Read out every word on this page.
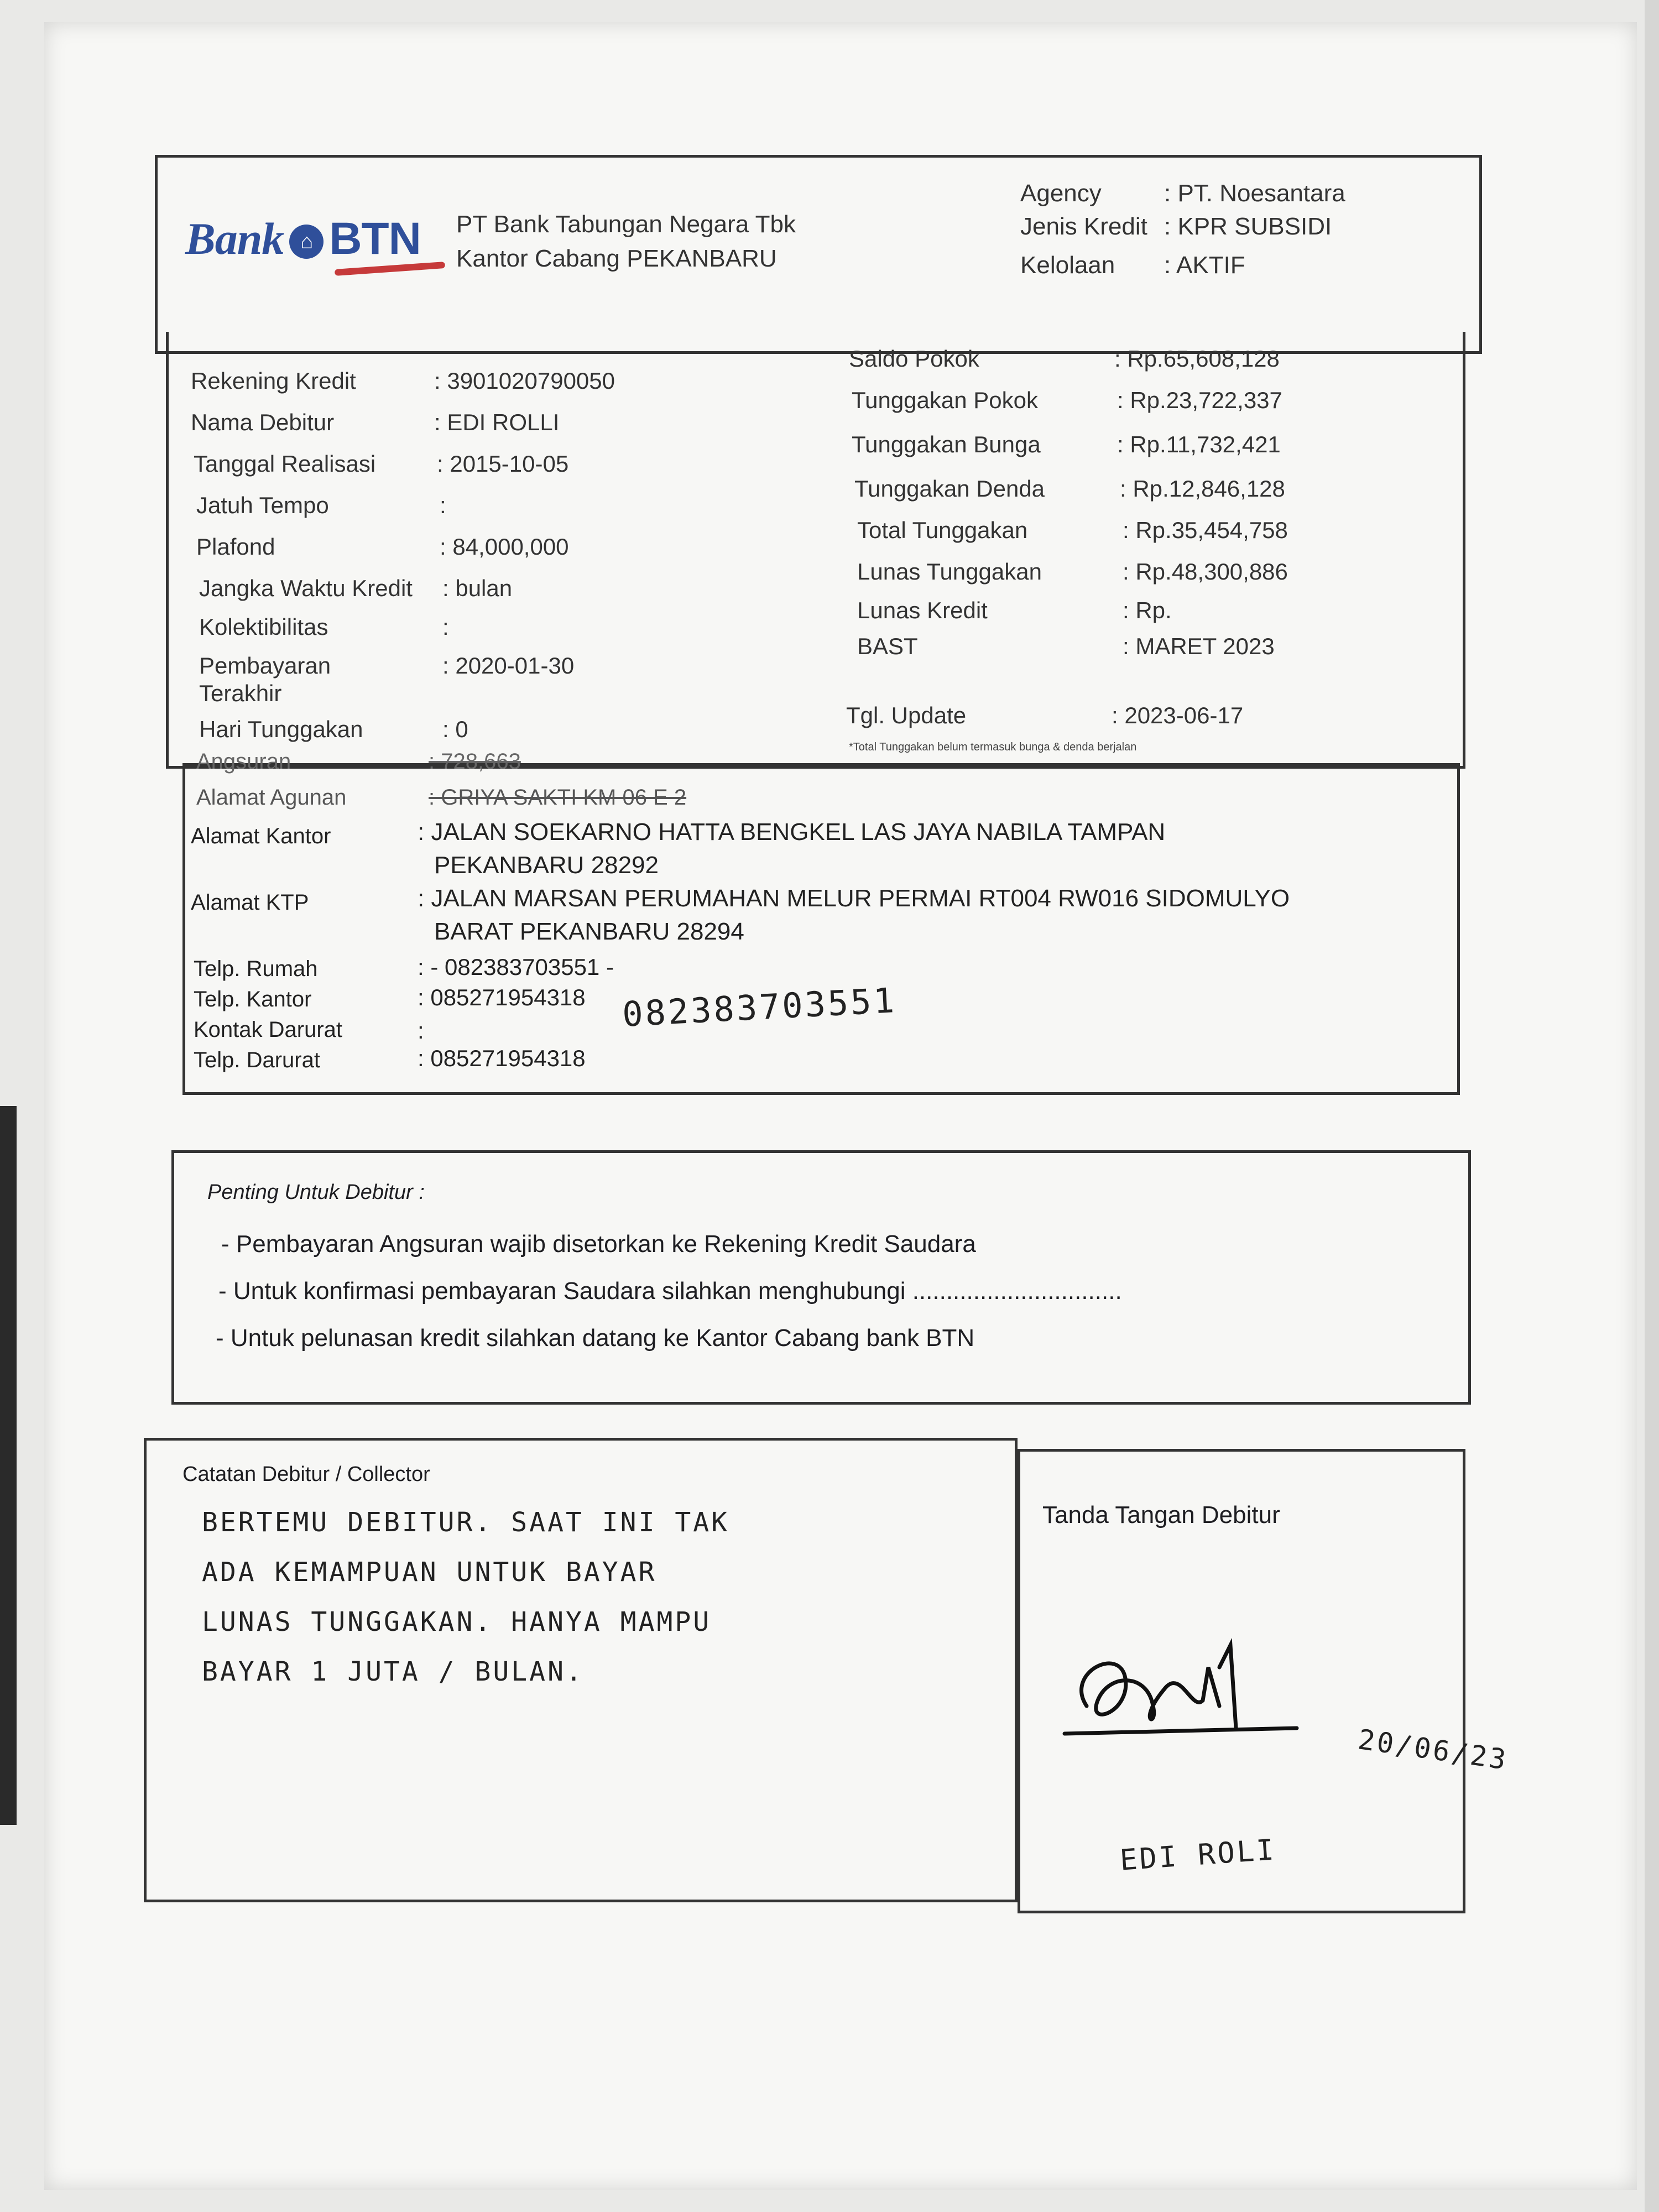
Bank ⌂ BTN PT Bank Tabungan Negara Tbk
Kantor Cabang PEKANBARU
Agency	: PT. Noesantara
Jenis Kredit : KPR SUBSIDI
Kelolaan : AKTIF
Rekening Kredit	: 3901020790050
Nama Debitur	: EDI ROLLI
Tanggal Realisasi	: 2015-10-05
Jatuh Tempo	:
Plafond	: 84,000,000
Jangka Waktu Kredit : bulan
Kolektibilitas	:
Pembayaran	: 2020-01-30
Terakhir
Hari Tunggakan	: 0
Saldo Pokok	: Rp.65,608,128
Tunggakan Pokok	: Rp.23,722,337
Tunggakan Bunga	: Rp.11,732,421
Tunggakan Denda	: Rp.12,846,128
Total Tunggakan	: Rp.35,454,758
Lunas Tunggakan	: Rp.48,300,886
Lunas Kredit	: Rp.
BAST	: MARET 2023
Tgl. Update	: 2023-06-17
*Total Tunggakan belum termasuk bunga & denda berjalan
Angsuran	: 728,663
Alamat Agunan	: GRIYA SAKTI KM 06 E 2
Alamat Kantor	: JALAN SOEKARNO HATTA BENGKEL LAS JAYA NABILA TAMPAN
PEKANBARU 28292
Alamat KTP	: JALAN MARSAN PERUMAHAN MELUR PERMAI RT004 RW016 SIDOMULYO
BARAT PEKANBARU 28294
Telp. Rumah	: - 082383703551 -
Telp. Kantor	: 085271954318
Kontak Darurat	:
Telp. Darurat	: 085271954318
082383703551
Penting Untuk Debitur :
- Pembayaran Angsuran wajib disetorkan ke Rekening Kredit Saudara
- Untuk konfirmasi pembayaran Saudara silahkan menghubungi ...............................
- Untuk pelunasan kredit silahkan datang ke Kantor Cabang bank BTN
Catatan Debitur / Collector
BERTEMU DEBITUR. SAAT INI TAK
ADA KEMAMPUAN UNTUK BAYAR
LUNAS TUNGGAKAN. HANYA MAMPU
BAYAR 1 JUTA / BULAN.
Tanda Tangan Debitur
20/06/23
EDI ROLI
